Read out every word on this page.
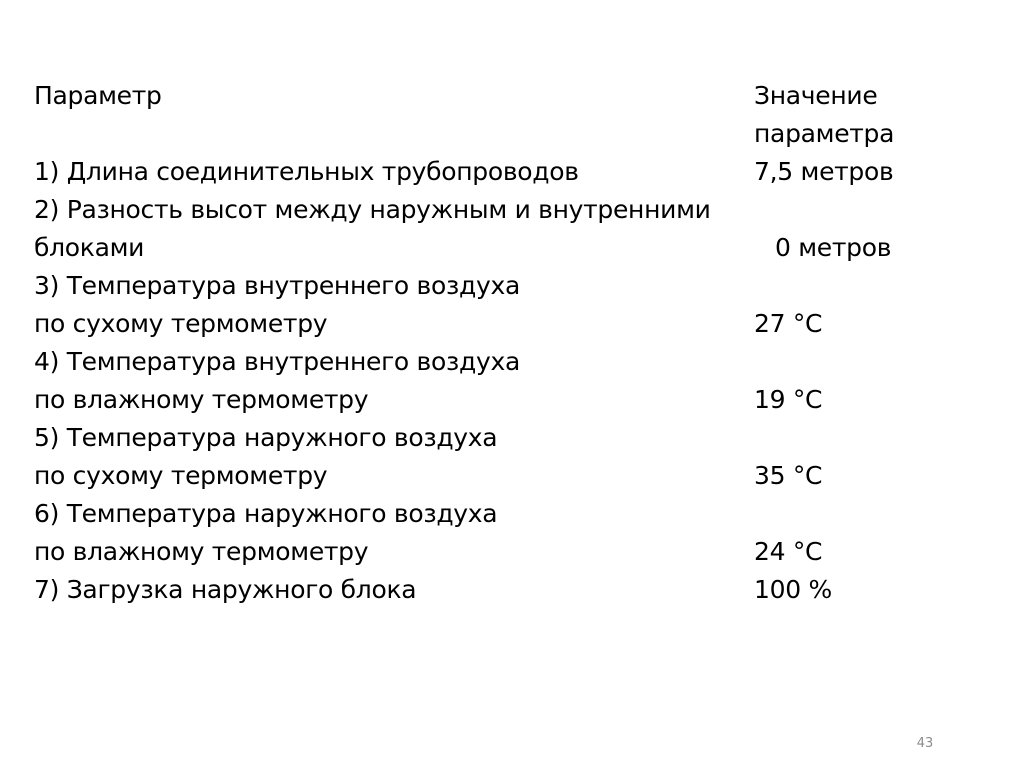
Параметр	Значение
параметра
1) Длина соединительных трубопроводов	7,5 метров
2) Разность высот между наружным и внутренними
блоками	0 метров
3) Температура внутреннего воздуха
по сухому термометру	27 °С
4) Температура внутреннего воздуха
по влажному термометру	19 °С
5) Температура наружного воздуха
по сухому термометру	35 °С
6) Температура наружного воздуха
по влажному термометру	24 °С
7) Загрузка наружного блока	100 %
43
